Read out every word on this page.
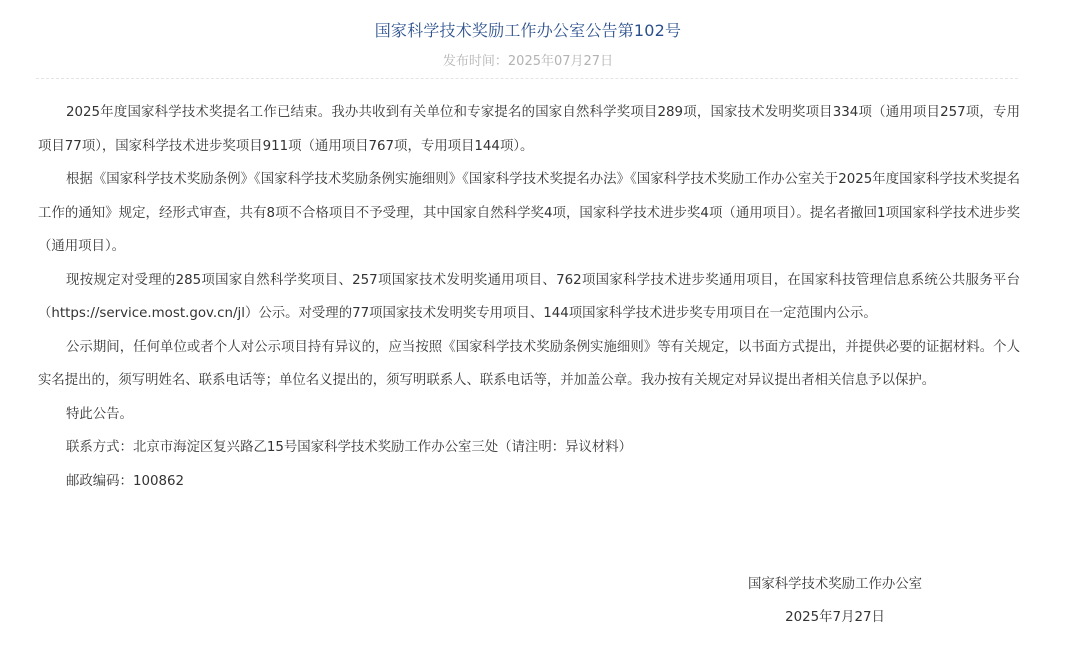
国家科学技术奖励工作办公室公告第102号
发布时间：2025年07月27日

2025年度国家科学技术奖提名工作已结束。我办共收到有关单位和专家提名的国家自然科学奖项目289项，国家技术发明奖项目334项（通用项目257项，专用项目77项），国家科学技术进步奖项目911项（通用项目767项，专用项目144项）。

根据《国家科学技术奖励条例》《国家科学技术奖励条例实施细则》《国家科学技术奖提名办法》《国家科学技术奖励工作办公室关于2025年度国家科学技术奖提名工作的通知》规定，经形式审查，共有8项不合格项目不予受理，其中国家自然科学奖4项，国家科学技术进步奖4项（通用项目）。提名者撤回1项国家科学技术进步奖（通用项目）。

现按规定对受理的285项国家自然科学奖项目、257项国家技术发明奖通用项目、762项国家科学技术进步奖通用项目，在国家科技管理信息系统公共服务平台（https://service.most.gov.cn/jl）公示。对受理的77项国家技术发明奖专用项目、144项国家科学技术进步奖专用项目在一定范围内公示。

公示期间，任何单位或者个人对公示项目持有异议的，应当按照《国家科学技术奖励条例实施细则》等有关规定，以书面方式提出，并提供必要的证据材料。个人实名提出的，须写明姓名、联系电话等；单位名义提出的，须写明联系人、联系电话等，并加盖公章。我办按有关规定对异议提出者相关信息予以保护。

特此公告。

联系方式：北京市海淀区复兴路乙15号国家科学技术奖励工作办公室三处（请注明：异议材料）

邮政编码：100862

国家科学技术奖励工作办公室
2025年7月27日
